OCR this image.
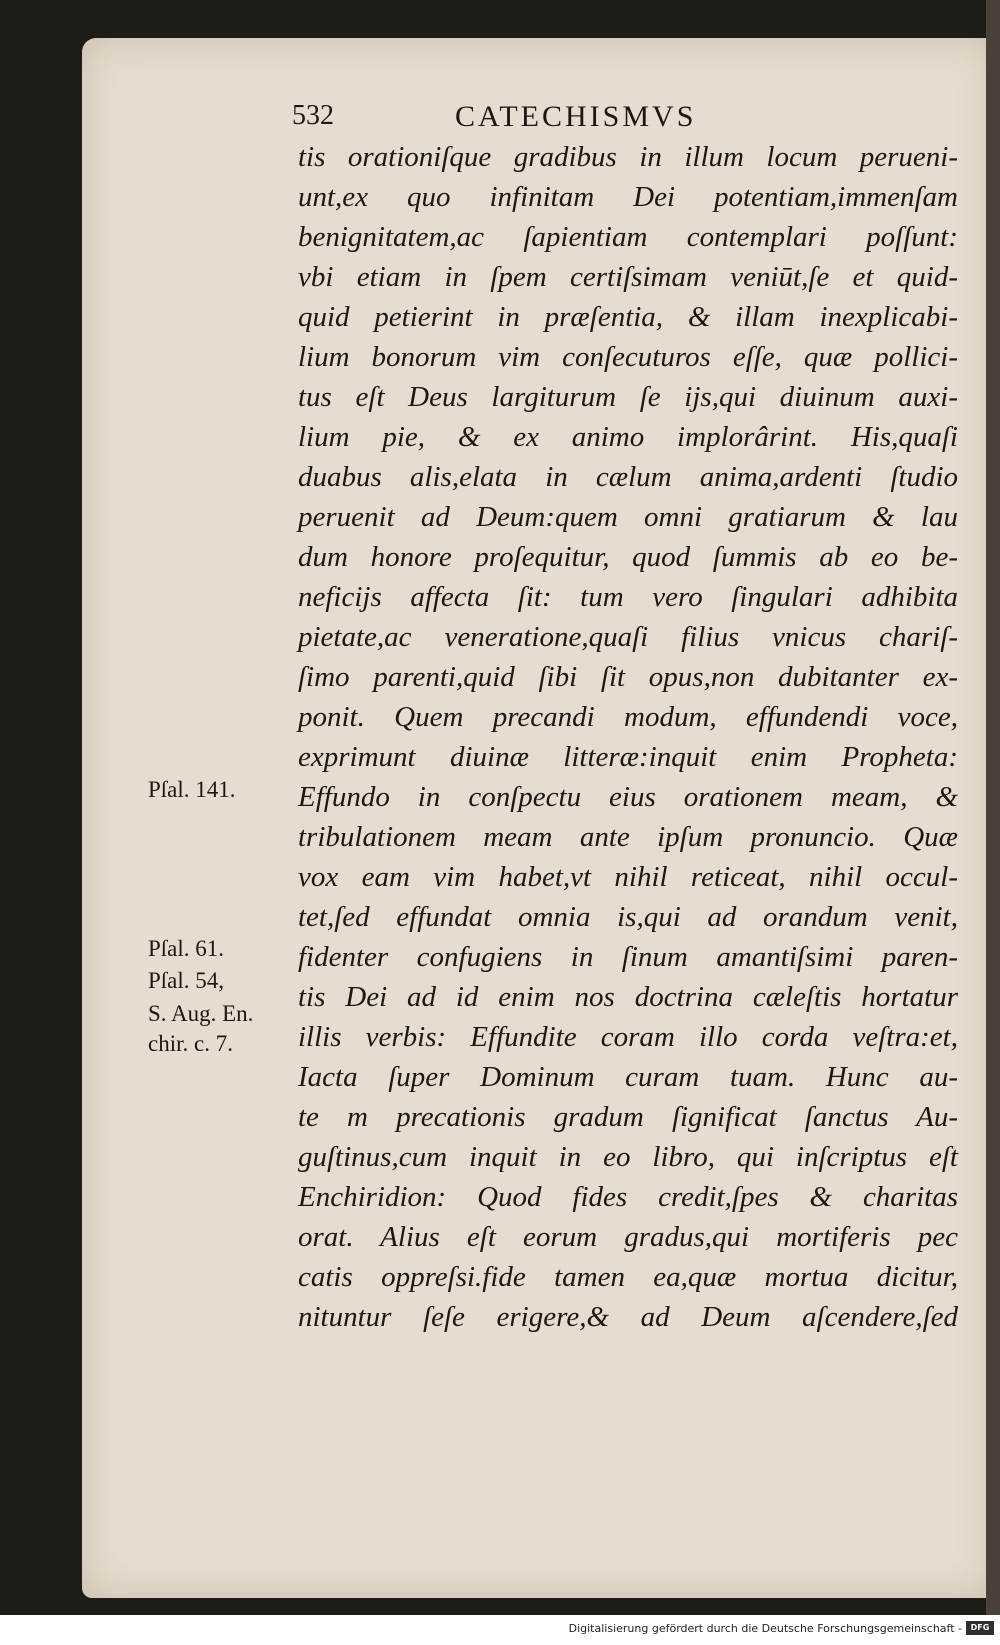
532	CATECHISMVS
tis orationiſque gradibus in illum locum perueni-
unt,ex quo infinitam Dei potentiam,immenſam
benignitatem,ac ſapientiam contemplari poſſunt:
vbi etiam in ſpem certiſsimam veniūt,ſe et quid-
quid petierint in præſentia, & illam inexplicabi-
lium bonorum vim conſecuturos eſſe, quæ pollici-
tus eſt Deus largiturum ſe ijs,qui diuinum auxi-
lium pie, & ex animo implorârint. His,quaſi
duabus alis,elata in cælum anima,ardenti ſtudio
peruenit ad Deum:quem omni gratiarum & lau
dum honore proſequitur, quod ſummis ab eo be-
neficijs affecta ſit: tum vero ſingulari adhibita
pietate,ac veneratione,quaſi filius vnicus chariſ-
ſimo parenti,quid ſibi ſit opus,non dubitanter ex-
ponit. Quem precandi modum, effundendi voce,
exprimunt diuinæ litteræ:inquit enim Propheta:
Effundo in conſpectu eius orationem meam, &
tribulationem meam ante ipſum pronuncio. Quæ
vox eam vim habet,vt nihil reticeat, nihil occul-
tet,ſed effundat omnia is,qui ad orandum venit,
fidenter confugiens in ſinum amantiſsimi paren-
tis Dei ad id enim nos doctrina cæleſtis hortatur
illis verbis: Effundite coram illo corda veſtra:et,
Iacta ſuper Dominum curam tuam. Hunc au-
te m precationis gradum ſignificat ſanctus Au-
guſtinus,cum inquit in eo libro, qui inſcriptus eſt
Enchiridion: Quod fides credit,ſpes & charitas
orat. Alius eſt eorum gradus,qui mortiferis pec
catis oppreſsi.fide tamen ea,quæ mortua dicitur,
nituntur ſeſe erigere,& ad Deum aſcendere,ſed
Pſal. 141.
Pſal. 61.
Pſal. 54,
S. Aug. En.
chir. c. 7.
Digitalisierung gefördert durch die Deutsche Forschungsgemeinschaft -	DFG
